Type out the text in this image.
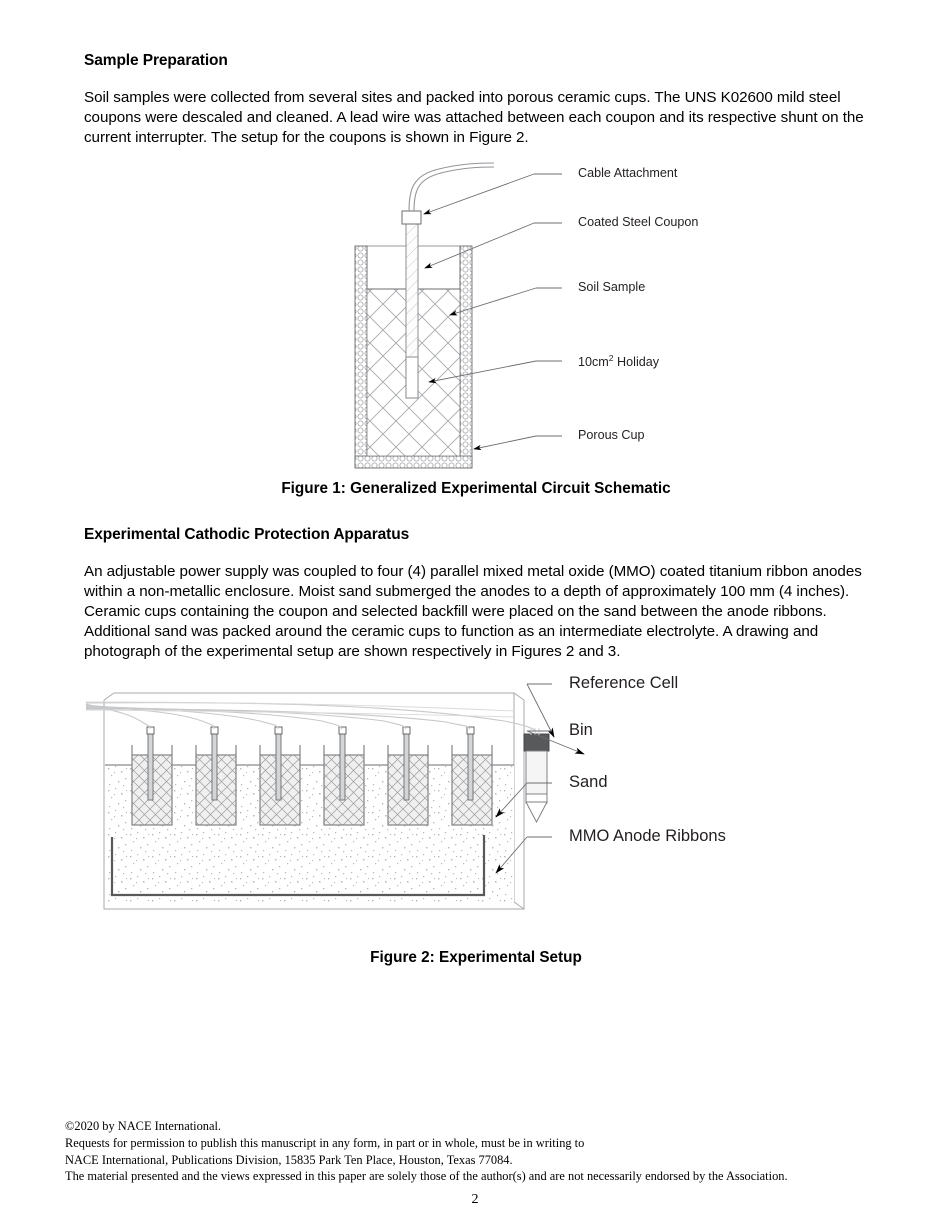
Sample Preparation

Soil samples were collected from several sites and packed into porous ceramic cups. The UNS K02600 mild steel coupons were descaled and cleaned. A lead wire was attached between each coupon and its respective shunt on the current interrupter. The setup for the coupons is shown in Figure 2.

Cable Attachment
Coated Steel Coupon
Soil Sample
$10cm^2$ Holiday
Porous Cup

Figure 1: Generalized Experimental Circuit Schematic

Experimental Cathodic Protection Apparatus

An adjustable power supply was coupled to four (4) parallel mixed metal oxide (MMO) coated titanium ribbon anodes within a non-metallic enclosure. Moist sand submerged the anodes to a depth of approximately 100 mm (4 inches). Ceramic cups containing the coupon and selected backfill were placed on the sand between the anode ribbons. Additional sand was packed around the ceramic cups to function as an intermediate electrolyte. A drawing and photograph of the experimental setup are shown respectively in Figures 2 and 3.

Reference Cell
Bin
Sand
MMO Anode Ribbons

Figure 2: Experimental Setup

©2020 by NACE International.
Requests for permission to publish this manuscript in any form, in part or in whole, must be in writing to
NACE International, Publications Division, 15835 Park Ten Place, Houston, Texas 77084.
The material presented and the views expressed in this paper are solely those of the author(s) and are not necessarily endorsed by the Association.
2
